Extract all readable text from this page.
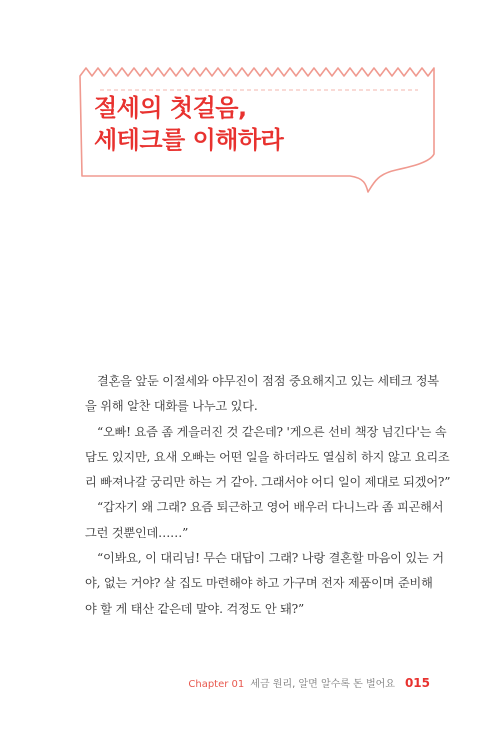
절세의 첫걸음,
세테크를 이해하라
결혼을 앞둔 이절세와 야무진이 점점 중요해지고 있는 세테크 정복
을 위해 알찬 대화를 나누고 있다.
“오빠! 요즘 좀 게을러진 것 같은데? '게으른 선비 책장 넘긴다'는 속
담도 있지만, 요새 오빠는 어떤 일을 하더라도 열심히 하지 않고 요리조
리 빠져나갈 궁리만 하는 거 같아. 그래서야 어디 일이 제대로 되겠어?”
“갑자기 왜 그래? 요즘 퇴근하고 영어 배우러 다니느라 좀 피곤해서
그런 것뿐인데……”
“이봐요, 이 대리님! 무슨 대답이 그래? 나랑 결혼할 마음이 있는 거
야, 없는 거야? 살 집도 마련해야 하고 가구며 전자 제품이며 준비해
야 할 게 태산 같은데 말야. 걱정도 안 돼?”
Chapter 01 세금 원리, 알면 알수록 돈 벌어요 015
